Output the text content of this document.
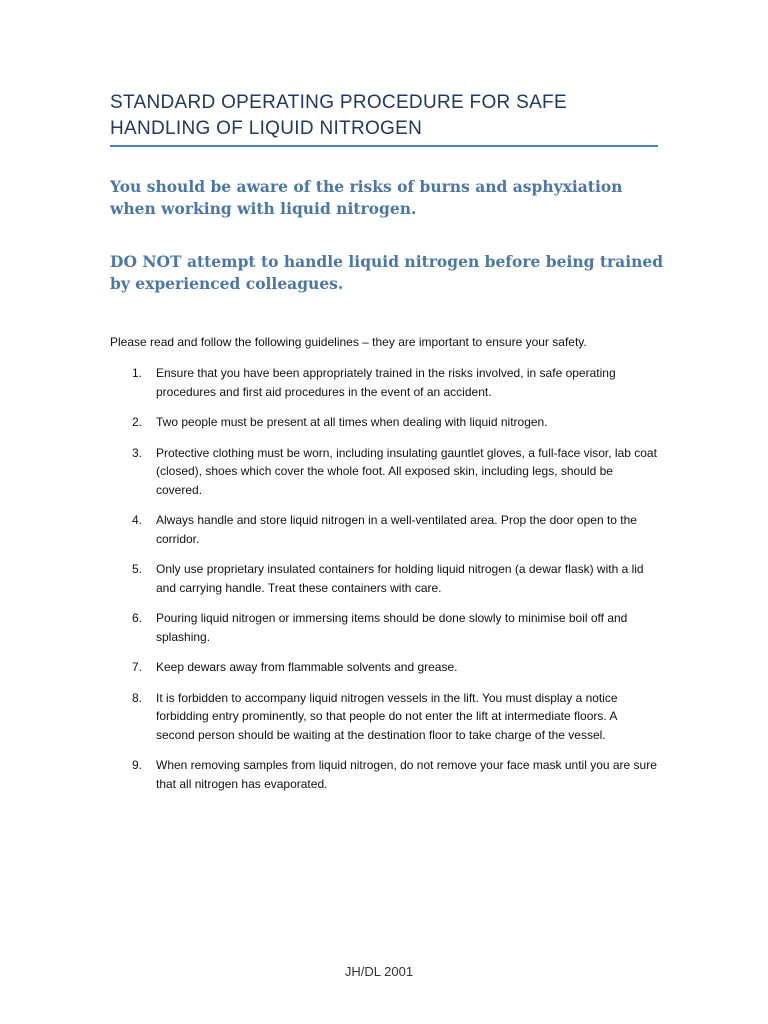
STANDARD OPERATING PROCEDURE FOR SAFE
HANDLING OF LIQUID NITROGEN

You should be aware of the risks of burns and asphyxiation when working with liquid nitrogen.

DO NOT attempt to handle liquid nitrogen before being trained by experienced colleagues.

Please read and follow the following guidelines – they are important to ensure your safety.

1. Ensure that you have been appropriately trained in the risks involved, in safe operating procedures and first aid procedures in the event of an accident.
2. Two people must be present at all times when dealing with liquid nitrogen.
3. Protective clothing must be worn, including insulating gauntlet gloves, a full-face visor, lab coat (closed), shoes which cover the whole foot. All exposed skin, including legs, should be covered.
4. Always handle and store liquid nitrogen in a well-ventilated area. Prop the door open to the corridor.
5. Only use proprietary insulated containers for holding liquid nitrogen (a dewar flask) with a lid and carrying handle. Treat these containers with care.
6. Pouring liquid nitrogen or immersing items should be done slowly to minimise boil off and splashing.
7. Keep dewars away from flammable solvents and grease.
8. It is forbidden to accompany liquid nitrogen vessels in the lift. You must display a notice forbidding entry prominently, so that people do not enter the lift at intermediate floors. A second person should be waiting at the destination floor to take charge of the vessel.
9. When removing samples from liquid nitrogen, do not remove your face mask until you are sure that all nitrogen has evaporated.
JH/DL 2001
